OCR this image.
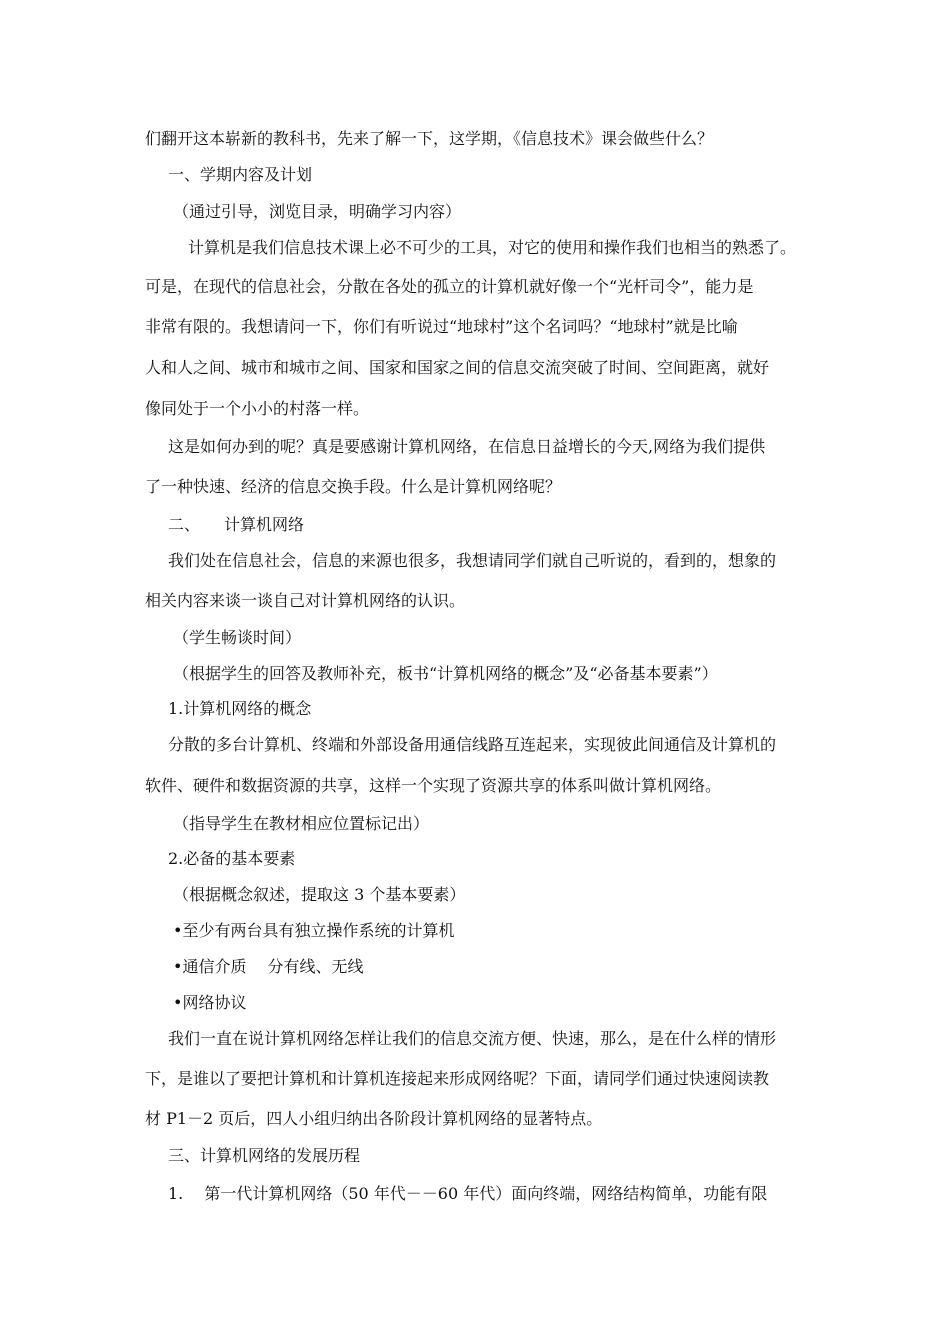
们翻开这本崭新的教科书，先来了解一下，这学期，《信息技术》课会做些什么？
一、学期内容及计划
（通过引导，浏览目录，明确学习内容）
计算机是我们信息技术课上必不可少的工具，对它的使用和操作我们也相当的熟悉了。
可是，在现代的信息社会，分散在各处的孤立的计算机就好像一个“光杆司令”，能力是
非常有限的。我想请问一下，你们有听说过“地球村”这个名词吗？“地球村”就是比喻
人和人之间、城市和城市之间、国家和国家之间的信息交流突破了时间、空间距离，就好
像同处于一个小小的村落一样。
这是如何办到的呢？真是要感谢计算机网络，在信息日益增长的今天,网络为我们提供
了一种快速、经济的信息交换手段。什么是计算机网络呢？
二、　　计算机网络
我们处在信息社会，信息的来源也很多，我想请同学们就自己听说的，看到的，想象的
相关内容来谈一谈自己对计算机网络的认识。
（学生畅谈时间）
（根据学生的回答及教师补充，板书“计算机网络的概念”及“必备基本要素”）
1.计算机网络的概念
分散的多台计算机、终端和外部设备用通信线路互连起来，实现彼此间通信及计算机的
软件、硬件和数据资源的共享，这样一个实现了资源共享的体系叫做计算机网络。
（指导学生在教材相应位置标记出）
2.必备的基本要素
（根据概念叙述，提取这 3 个基本要素）
•至少有两台具有独立操作系统的计算机
•通信介质　 分有线、无线
•网络协议
我们一直在说计算机网络怎样让我们的信息交流方便、快速，那么，是在什么样的情形
下，是谁以了要把计算机和计算机连接起来形成网络呢？下面，请同学们通过快速阅读教
材 P1－2 页后，四人小组归纳出各阶段计算机网络的显著特点。
三、计算机网络的发展历程
1.　 第一代计算机网络（50 年代－－60 年代）面向终端，网络结构简单，功能有限
